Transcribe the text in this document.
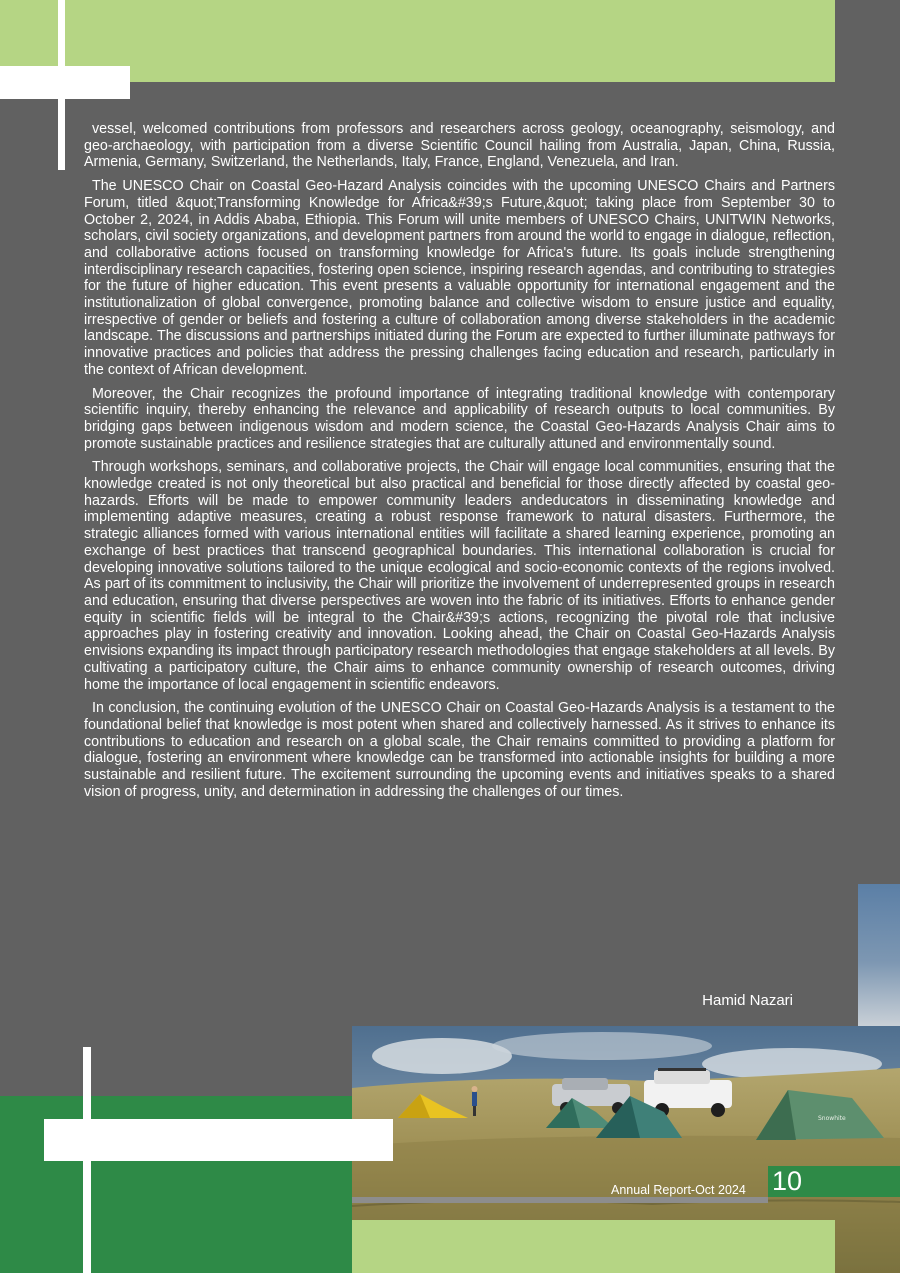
vessel, welcomed contributions from professors and researchers across geology, oceanography, seismology, and geo-archaeology, with participation from a diverse Scientific Council hailing from Australia, Japan, China, Russia, Armenia, Germany, Switzerland, the Netherlands, Italy, France, England, Venezuela, and Iran.

The UNESCO Chair on Coastal Geo-Hazard Analysis coincides with the upcoming UNESCO Chairs and Partners Forum, titled &quot;Transforming Knowledge for Africa&#39;s Future,&quot; taking place from September 30 to October 2, 2024, in Addis Ababa, Ethiopia. This Forum will unite members of UNESCO Chairs, UNITWIN Networks, scholars, civil society organizations, and development partners from around the world to engage in dialogue, reflection, and collaborative actions focused on transforming knowledge for Africa's future. Its goals include strengthening interdisciplinary research capacities, fostering open science, inspiring research agendas, and contributing to strategies for the future of higher education. This event presents a valuable opportunity for international engagement and the institutionalization of global convergence, promoting balance and collective wisdom to ensure justice and equality, irrespective of gender or beliefs and fostering a culture of collaboration among diverse stakeholders in the academic landscape. The discussions and partnerships initiated during the Forum are expected to further illuminate pathways for innovative practices and policies that address the pressing challenges facing education and research, particularly in the context of African development.

Moreover, the Chair recognizes the profound importance of integrating traditional knowledge with contemporary scientific inquiry, thereby enhancing the relevance and applicability of research outputs to local communities. By bridging gaps between indigenous wisdom and modern science, the Coastal Geo-Hazards Analysis Chair aims to promote sustainable practices and resilience strategies that are culturally attuned and environmentally sound.

Through workshops, seminars, and collaborative projects, the Chair will engage local communities, ensuring that the knowledge created is not only theoretical but also practical and beneficial for those directly affected by coastal geo-hazards. Efforts will be made to empower community leaders andeducators in disseminating knowledge and implementing adaptive measures, creating a robust response framework to natural disasters. Furthermore, the strategic alliances formed with various international entities will facilitate a shared learning experience, promoting an exchange of best practices that transcend geographical boundaries. This international collaboration is crucial for developing innovative solutions tailored to the unique ecological and socio-economic contexts of the regions involved. As part of its commitment to inclusivity, the Chair will prioritize the involvement of underrepresented groups in research and education, ensuring that diverse perspectives are woven into the fabric of its initiatives. Efforts to enhance gender equity in scientific fields will be integral to the Chair&#39;s actions, recognizing the pivotal role that inclusive approaches play in fostering creativity and innovation. Looking ahead, the Chair on Coastal Geo-Hazards Analysis envisions expanding its impact through participatory research methodologies that engage stakeholders at all levels. By cultivating a participatory culture, the Chair aims to enhance community ownership of research outcomes, driving home the importance of local engagement in scientific endeavors.

In conclusion, the continuing evolution of the UNESCO Chair on Coastal Geo-Hazards Analysis is a testament to the foundational belief that knowledge is most potent when shared and collectively harnessed. As it strives to enhance its contributions to education and research on a global scale, the Chair remains committed to providing a platform for dialogue, fostering an environment where knowledge can be transformed into actionable insights for building a more sustainable and resilient future. The excitement surrounding the upcoming events and initiatives speaks to a shared vision of progress, unity, and determination in addressing the challenges of our times.

Hamid Nazari
Snowhite
Annual Report-Oct 2024 10
